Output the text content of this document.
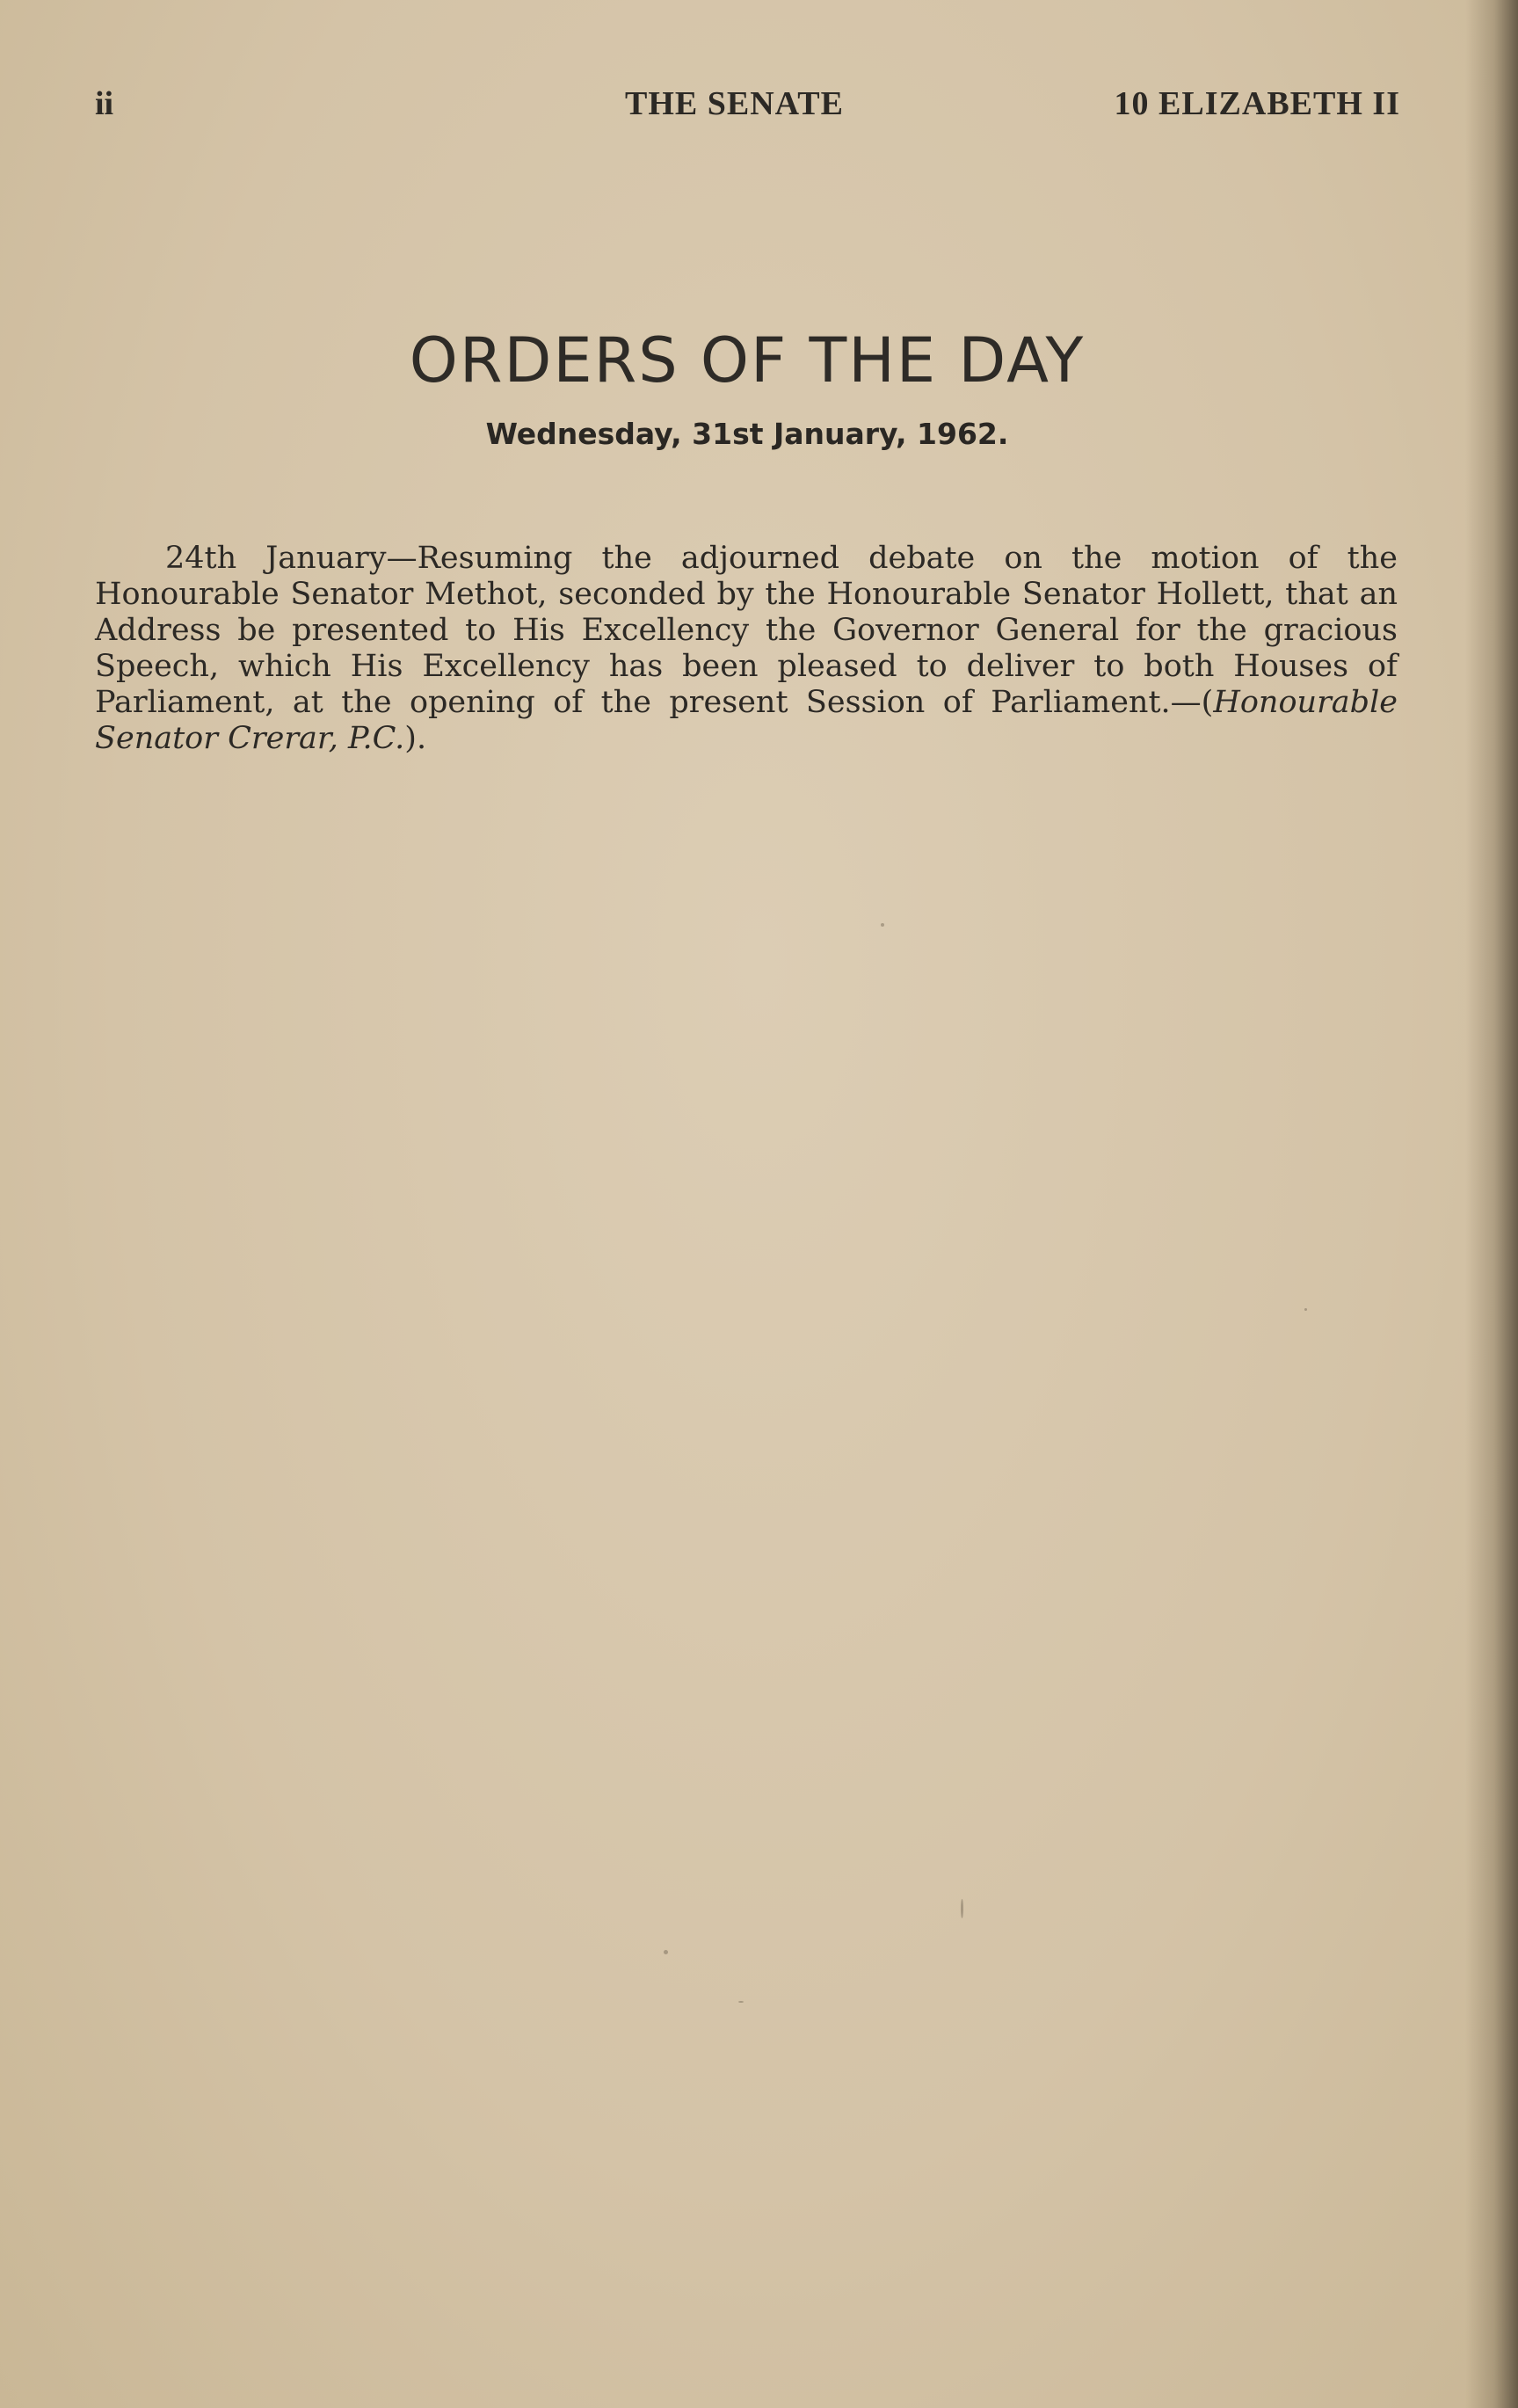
ii	THE SENATE	10 ELIZABETH II
ORDERS OF THE DAY
Wednesday, 31st January, 1962.

24th January—Resuming the adjourned debate on the motion of the Honourable Senator Methot, seconded by the Honourable Senator Hollett, that an Address be presented to His Excellency the Governor General for the gracious Speech, which His Excellency has been pleased to deliver to both Houses of Parliament, at the opening of the present Session of Parliament.—(Honourable Senator Crerar, P.C.).
